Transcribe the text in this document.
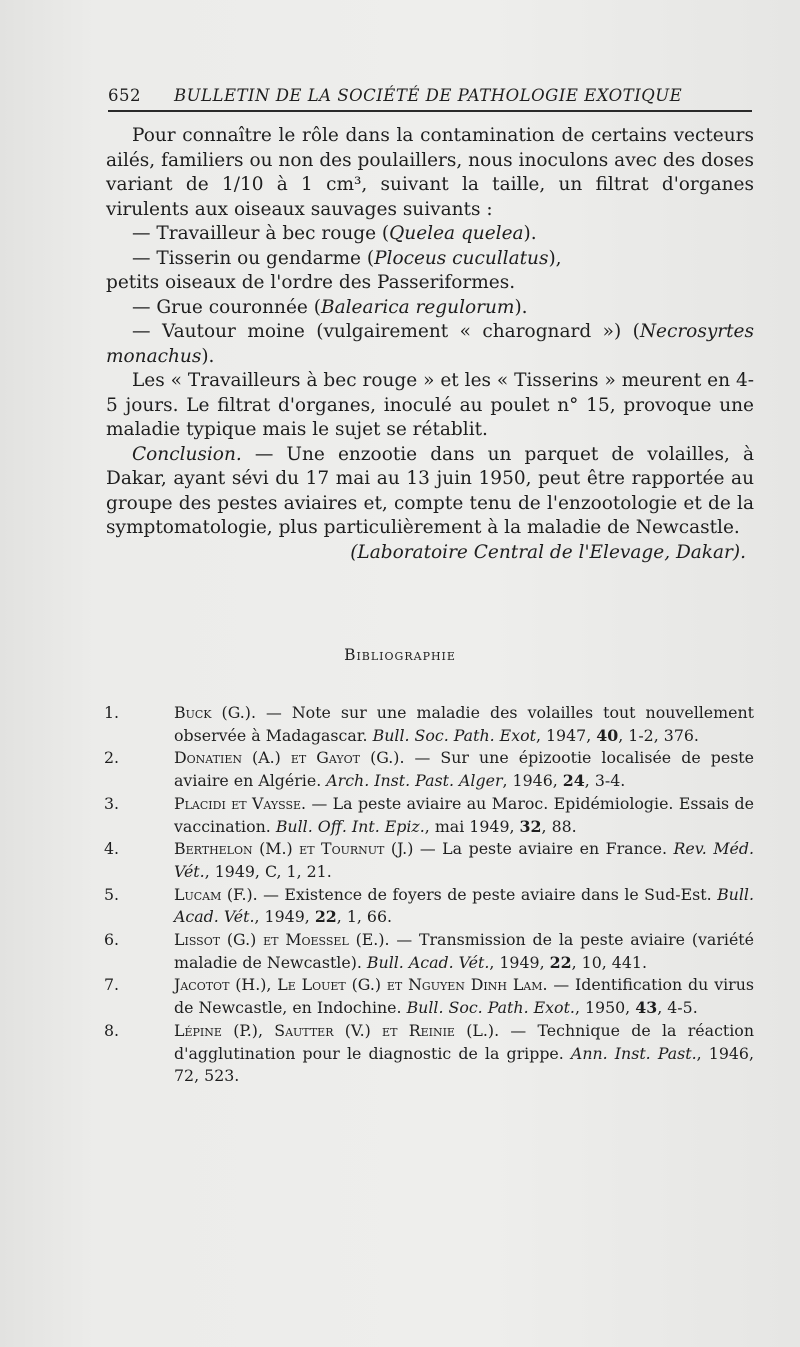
652 BULLETIN DE LA SOCIÉTÉ DE PATHOLOGIE EXOTIQUE

Pour connaître le rôle dans la contamination de certains vecteurs ailés, familiers ou non des poulaillers, nous inoculons avec des doses variant de 1/10 à 1 cm³, suivant la taille, un filtrat d'organes virulents aux oiseaux sauvages suivants :

— Travailleur à bec rouge (Quelea quelea).

— Tisserin ou gendarme (Ploceus cucullatus),

petits oiseaux de l'ordre des Passeriformes.

— Grue couronnée (Balearica regulorum).

— Vautour moine (vulgairement « charognard ») (Necrosyrtes monachus).

Les « Travailleurs à bec rouge » et les « Tisserins » meurent en 4-5 jours. Le filtrat d'organes, inoculé au poulet n° 15, provoque une maladie typique mais le sujet se rétablit.

Conclusion. — Une enzootie dans un parquet de volailles, à Dakar, ayant sévi du 17 mai au 13 juin 1950, peut être rapportée au groupe des pestes aviaires et, compte tenu de l'enzootologie et de la symptomatologie, plus particulièrement à la maladie de Newcastle.

(Laboratoire Central de l'Elevage, Dakar).

Bibliographie

1.	Buck (G.). — Note sur une maladie des volailles tout nouvellement observée à Madagascar. Bull. Soc. Path. Exot, 1947, 40, 1-2, 376.

2.	Donatien (A.) et Gayot (G.). — Sur une épizootie localisée de peste aviaire en Algérie. Arch. Inst. Past. Alger, 1946, 24, 3-4.

3.	Placidi et Vaysse. — La peste aviaire au Maroc. Epidémiologie. Essais de vaccination. Bull. Off. Int. Epiz., mai 1949, 32, 88.

4.	Berthelon (M.) et Tournut (J.) — La peste aviaire en France. Rev. Méd. Vét., 1949, C, 1, 21.

5.	Lucam (F.). — Existence de foyers de peste aviaire dans le Sud-Est. Bull. Acad. Vét., 1949, 22, 1, 66.

6.	Lissot (G.) et Moessel (E.). — Transmission de la peste aviaire (variété maladie de Newcastle). Bull. Acad. Vét., 1949, 22, 10, 441.

7.	Jacotot (H.), Le Louet (G.) et Nguyen Dinh Lam. — Identification du virus de Newcastle, en Indochine. Bull. Soc. Path. Exot., 1950, 43, 4-5.

8.	Lépine (P.), Sautter (V.) et Reinie (L.). — Technique de la réaction d'agglutination pour le diagnostic de la grippe. Ann. Inst. Past., 1946, 72, 523.
